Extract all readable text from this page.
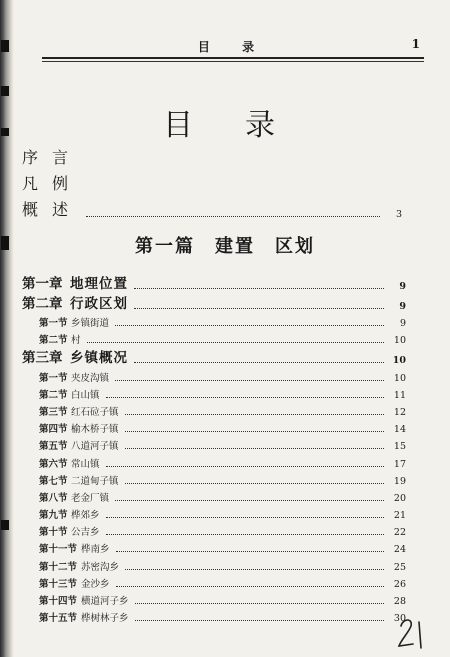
目 录	1
目录
序言
凡例
概述	3
第一篇　建置　区划
第一章 地理位置	9
第二章 行政区划	9
第一节 乡镇街道	9
第二节 村	10
第三章 乡镇概况	10
第一节 夹皮沟镇	10
第二节 白山镇	11
第三节 红石砬子镇	12
第四节 榆木桥子镇	14
第五节 八道河子镇	15
第六节 常山镇	17
第七节 二道甸子镇	19
第八节 老金厂镇	20
第九节 桦郊乡	21
第十节 公吉乡	22
第十一节 桦南乡	24
第十二节 苏密沟乡	25
第十三节 金沙乡	26
第十四节 横道河子乡	28
第十五节 桦树林子乡	30
